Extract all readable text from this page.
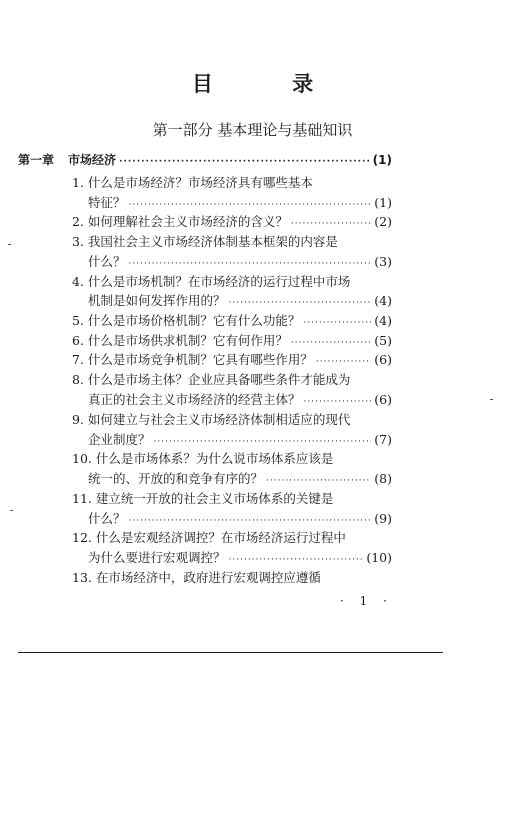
目 录
第一部分 基本理论与基础知识
第一章 市场经济 ·····	(1)
1. 什么是市场经济？市场经济具有哪些基本
特征？ ·····	(1)
2. 如何理解社会主义市场经济的含义？ ·····	(2)
3. 我国社会主义市场经济体制基本框架的内容是
什么？ ·····	(3)
4. 什么是市场机制？在市场经济的运行过程中市场
机制是如何发挥作用的？ ·····	(4)
5. 什么是市场价格机制？它有什么功能？ ·····	(4)
6. 什么是市场供求机制？它有何作用？ ·····	(5)
7. 什么是市场竞争机制？它具有哪些作用？ ·····	(6)
8. 什么是市场主体？企业应具备哪些条件才能成为
真正的社会主义市场经济的经营主体？ ·····	(6)
9. 如何建立与社会主义市场经济体制相适应的现代
企业制度？ ·····	(7)
10. 什么是市场体系？为什么说市场体系应该是
统一的、开放的和竞争有序的？ ·····	(8)
11. 建立统一开放的社会主义市场体系的关键是
什么？ ·····	(9)
12. 什么是宏观经济调控？在市场经济运行过程中
为什么要进行宏观调控？ ·····	(10)
13. 在市场经济中，政府进行宏观调控应遵循
· 1 ·
